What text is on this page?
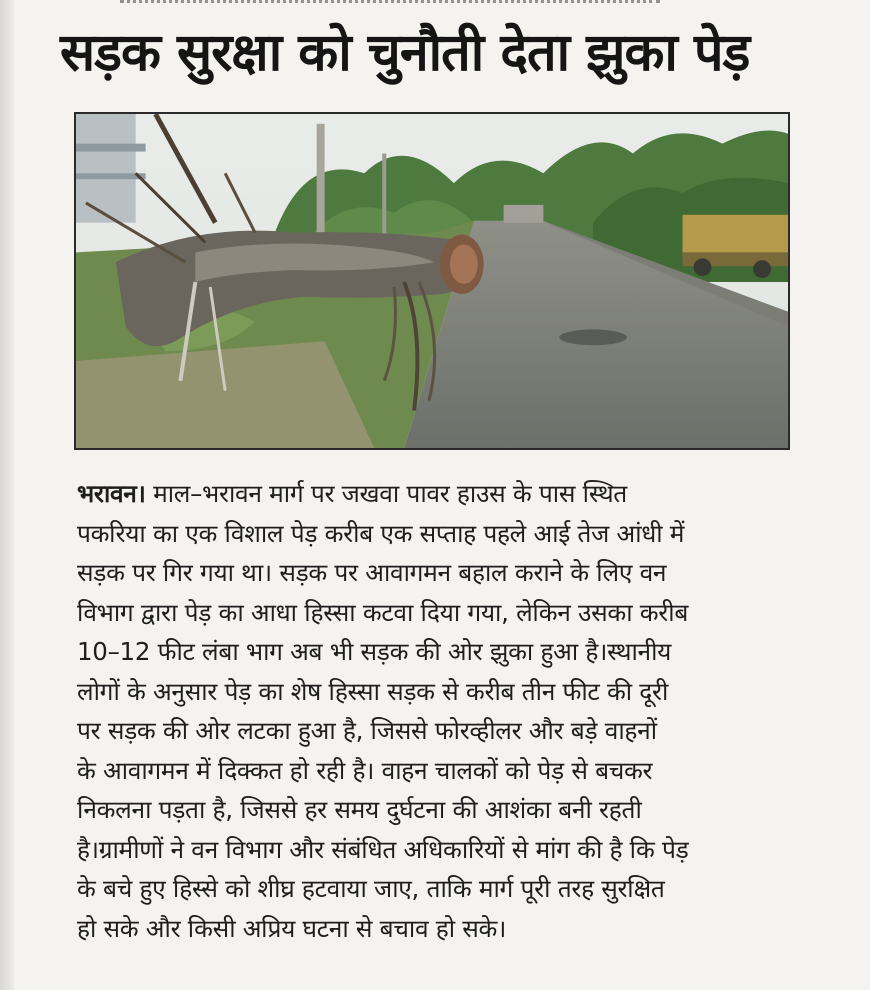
सड़क सुरक्षा को चुनौती देता झुका पेड़
भरावन। माल–भरावन मार्ग पर जखवा पावर हाउस के पास स्थित
पकरिया का एक विशाल पेड़ करीब एक सप्ताह पहले आई तेज आंधी में
सड़क पर गिर गया था। सड़क पर आवागमन बहाल कराने के लिए वन
विभाग द्वारा पेड़ का आधा हिस्सा कटवा दिया गया, लेकिन उसका करीब
10–12 फीट लंबा भाग अब भी सड़क की ओर झुका हुआ है।स्थानीय
लोगों के अनुसार पेड़ का शेष हिस्सा सड़क से करीब तीन फीट की दूरी
पर सड़क की ओर लटका हुआ है, जिससे फोरव्हीलर और बड़े वाहनों
के आवागमन में दिक्कत हो रही है। वाहन चालकों को पेड़ से बचकर
निकलना पड़ता है, जिससे हर समय दुर्घटना की आशंका बनी रहती
है।ग्रामीणों ने वन विभाग और संबंधित अधिकारियों से मांग की है कि पेड़
के बचे हुए हिस्से को शीघ्र हटवाया जाए, ताकि मार्ग पूरी तरह सुरक्षित
हो सके और किसी अप्रिय घटना से बचाव हो सके।
